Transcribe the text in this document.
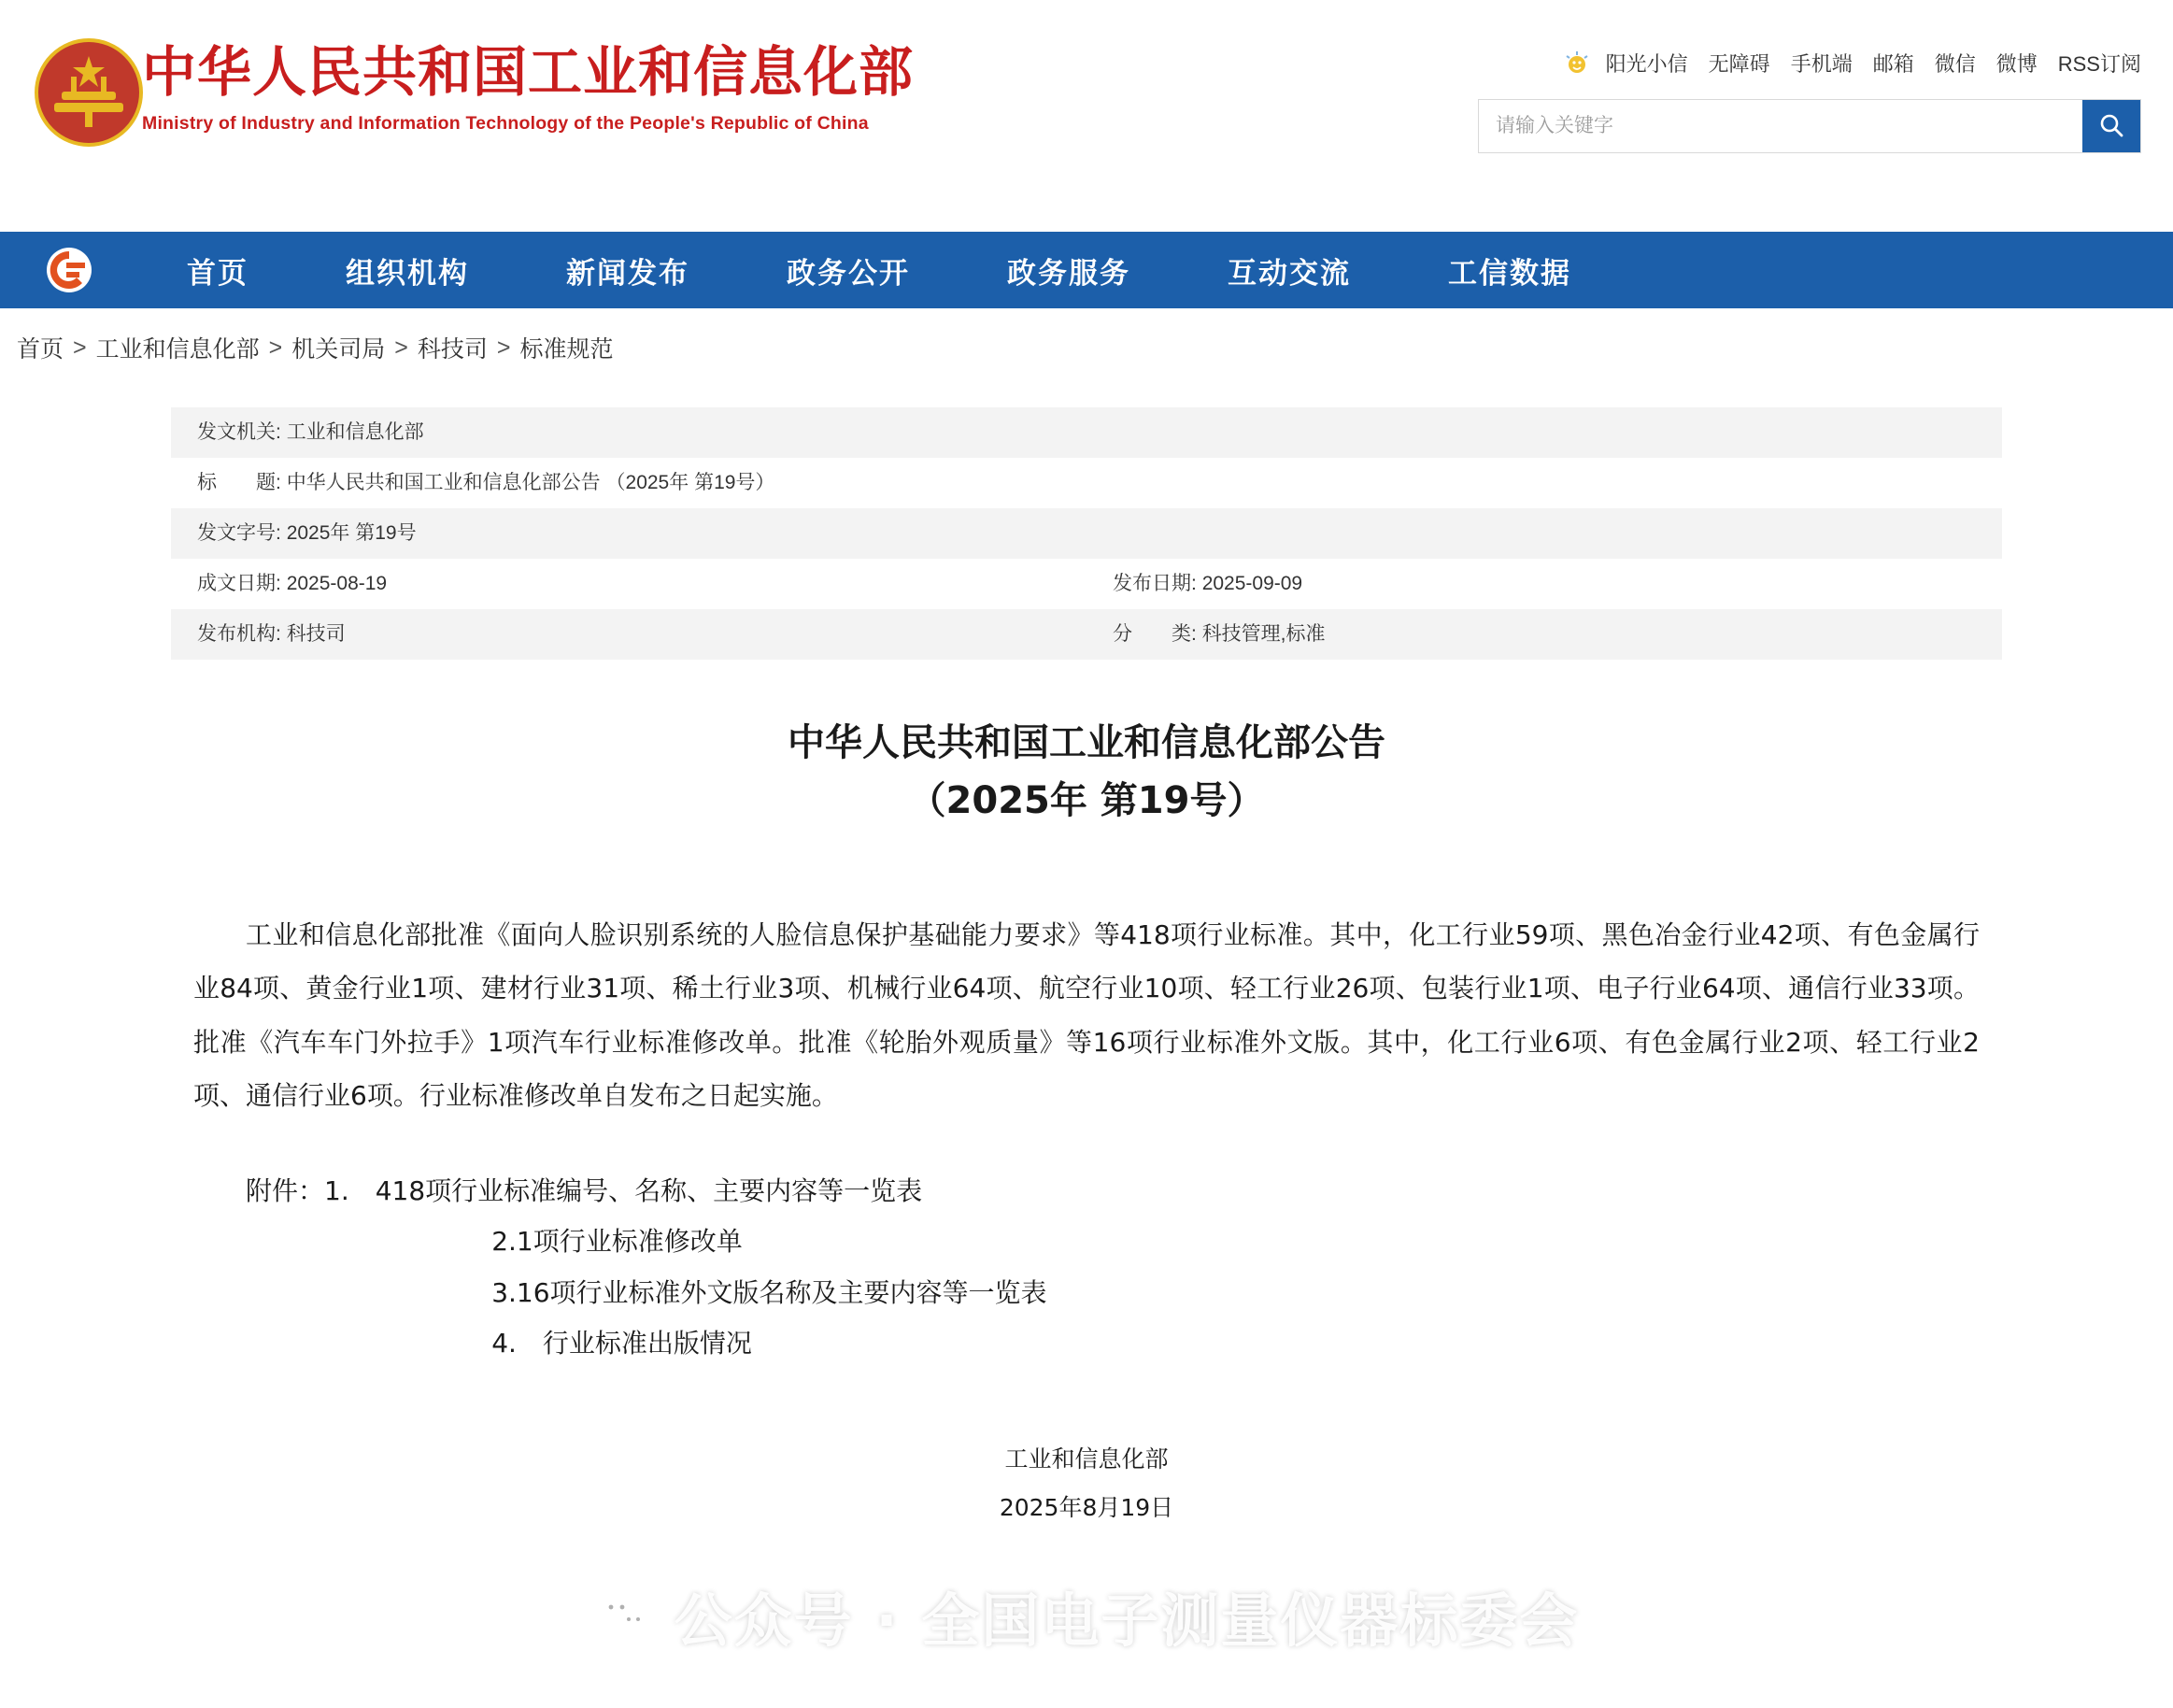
中华人民共和国工业和信息化部
Ministry of Industry and Information Technology of the People's Republic of China
阳光小信 无障碍 手机端 邮箱 微信 微博 RSS订阅
请输入关键字
首页	组织机构	新闻发布	政务公开	政务服务	互动交流	工信数据
首页 > 工业和信息化部 > 机关司局 > 科技司 > 标准规范
发文机关: 工业和信息化部	
标　　题: 中华人民共和国工业和信息化部公告 （2025年 第19号）	
发文字号: 2025年 第19号	
成文日期: 2025-08-19	发布日期: 2025-09-09
发布机构: 科技司	分　　类: 科技管理,标准
中华人民共和国工业和信息化部公告
（2025年 第19号）

工业和信息化部批准《面向人脸识别系统的人脸信息保护基础能力要求》等418项行业标准。其中，化工行业59项、黑色冶金行业42项、有色金属行业84项、黄金行业1项、建材行业31项、稀土行业3项、机械行业64项、航空行业10项、轻工行业26项、包装行业1项、电子行业64项、通信行业33项。批准《汽车车门外拉手》1项汽车行业标准修改单。批准《轮胎外观质量》等16项行业标准外文版。其中，化工行业6项、有色金属行业2项、轻工行业2项、通信行业6项。行业标准修改单自发布之日起实施。

附件：1.　418项行业标准编号、名称、主要内容等一览表
2.1项行业标准修改单
3.16项行业标准外文版名称及主要内容等一览表
4.　行业标准出版情况
工业和信息化部
2025年8月19日
公众号 · 全国电子测量仪器标委会
